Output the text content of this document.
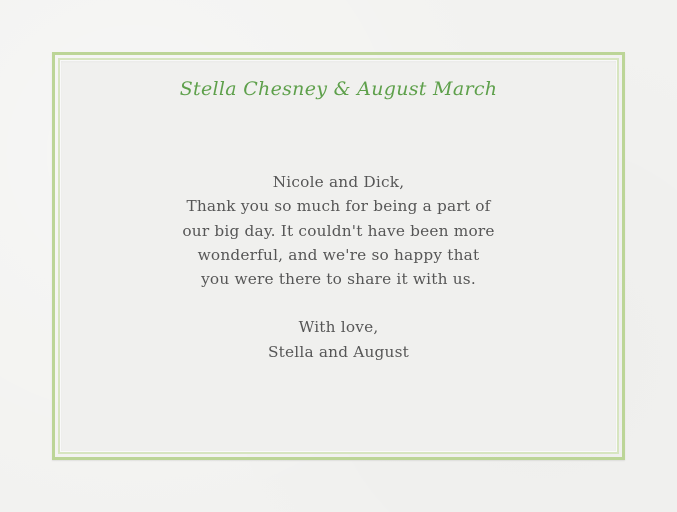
Stella Chesney & August March
Nicole and Dick,
Thank you so much for being a part of
our big day. It couldn't have been more
wonderful, and we're so happy that
you were there to share it with us.
With love,
Stella and August
